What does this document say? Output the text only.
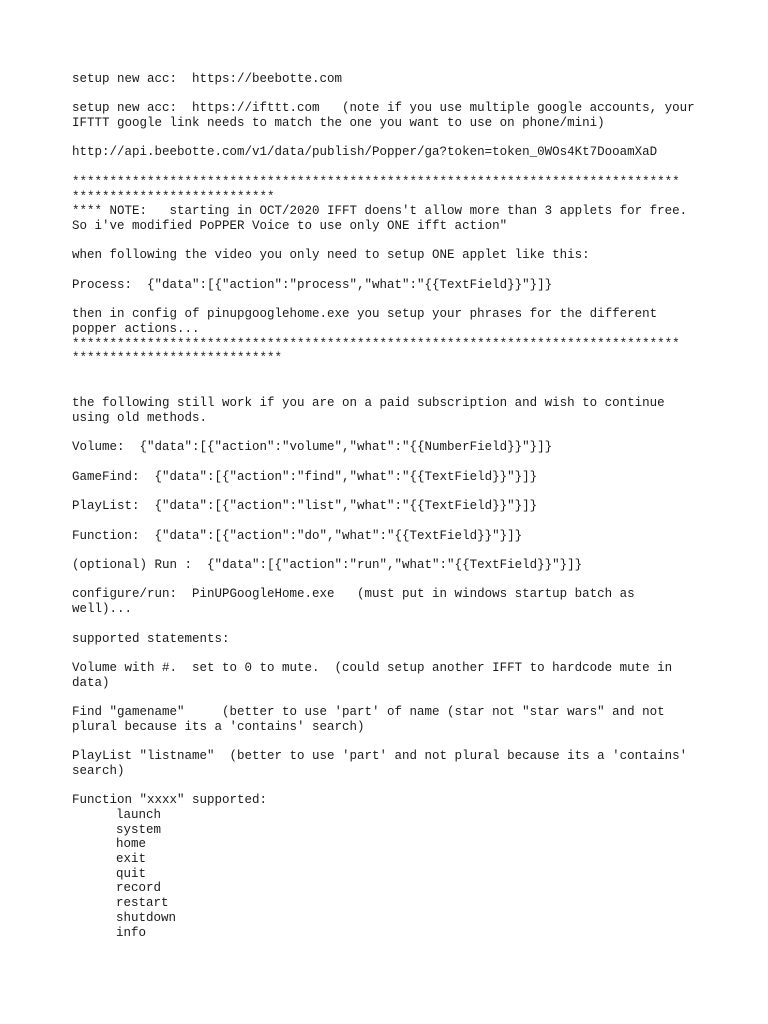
setup new acc:  https://beebotte.com
setup new acc:  https://ifttt.com   (note if you use multiple google accounts, your
IFTTT google link needs to match the one you want to use on phone/mini)
http://api.beebotte.com/v1/data/publish/Popper/ga?token=token_0WOs4Kt7DooamXaD
*********************************************************************************
***************************
**** NOTE:   starting in OCT/2020 IFFT doens't allow more than 3 applets for free.
So i've modified PoPPER Voice to use only ONE ifft action"
when following the video you only need to setup ONE applet like this:
Process:  {"data":[{"action":"process","what":"{{TextField}}"}]}
then in config of pinupgooglehome.exe you setup your phrases for the different
popper actions...
*********************************************************************************
****************************
the following still work if you are on a paid subscription and wish to continue
using old methods.
Volume:  {"data":[{"action":"volume","what":"{{NumberField}}"}]}
GameFind:  {"data":[{"action":"find","what":"{{TextField}}"}]}
PlayList:  {"data":[{"action":"list","what":"{{TextField}}"}]}
Function:  {"data":[{"action":"do","what":"{{TextField}}"}]}
(optional) Run :  {"data":[{"action":"run","what":"{{TextField}}"}]}
configure/run:  PinUPGoogleHome.exe   (must put in windows startup batch as
well)...
supported statements:
Volume with #.  set to 0 to mute.  (could setup another IFFT to hardcode mute in
data)
Find "gamename"     (better to use 'part' of name (star not "star wars" and not
plural because its a 'contains' search)
PlayList "listname"  (better to use 'part' and not plural because its a 'contains'
search)
Function "xxxx" supported:
launch
system
home
exit
quit
record
restart
shutdown
info
